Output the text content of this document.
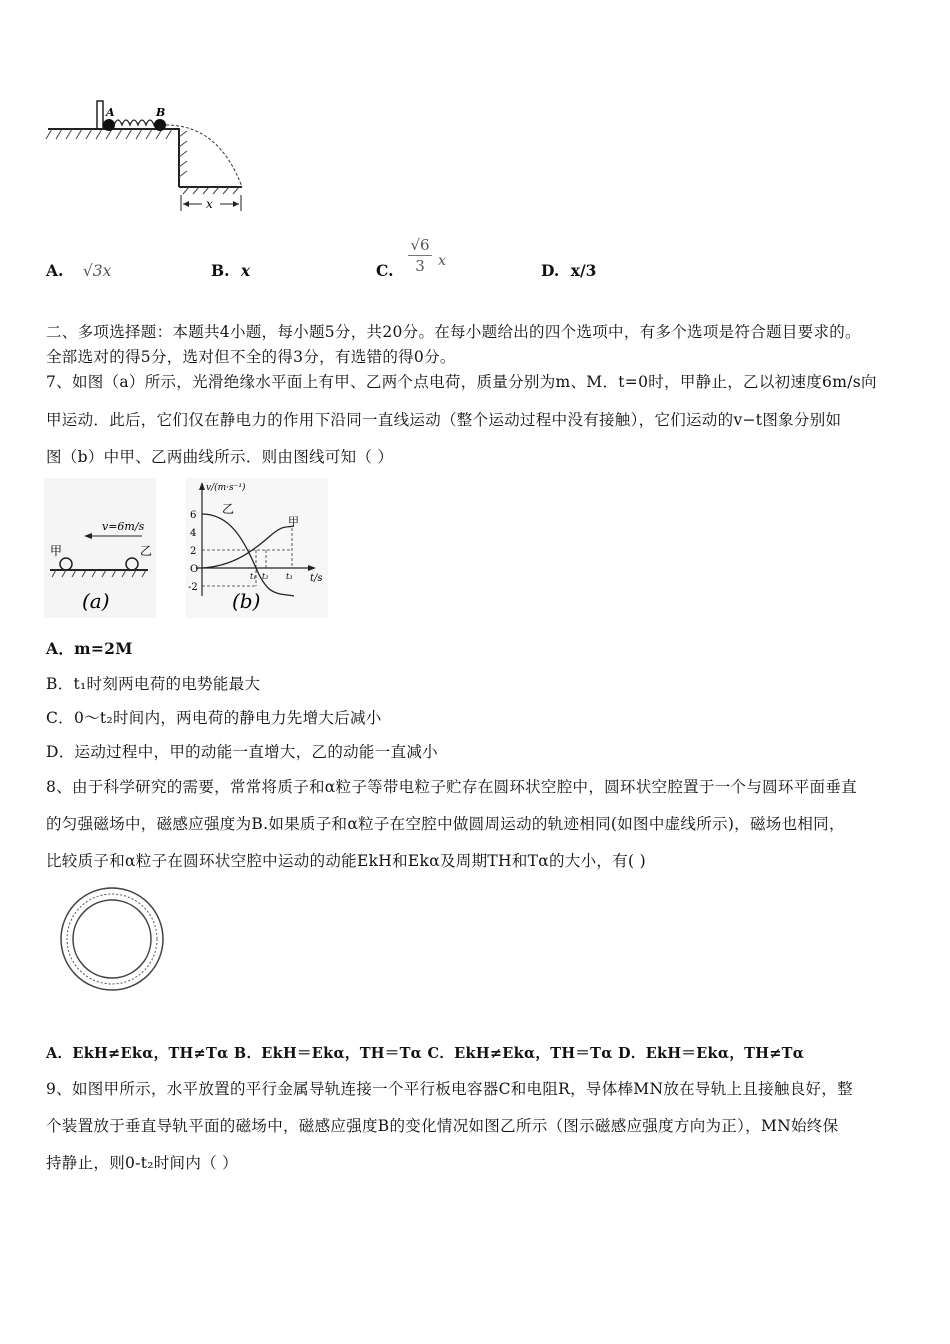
A	B
x
A. √3x	B. x	C.
√6
3 x	D. x/3
二、多项选择题：本题共4小题，每小题5分，共20分。在每小题给出的四个选项中，有多个选项是符合题目要求的。
全部选对的得5分，选对但不全的得3分，有选错的得0分。
7、如图（a）所示，光滑绝缘水平面上有甲、乙两个点电荷，质量分别为m、M．t=0时，甲静止，乙以初速度6m/s向
甲运动．此后，它们仅在静电力的作用下沿同一直线运动（整个运动过程中没有接触），它们运动的v−t图象分别如
图（b）中甲、乙两曲线所示．则由图线可知（ ）
v=6m/s
甲	乙
(a)
v/(m·s⁻¹)
t/s
6
4
2
O
-2
乙
甲
t₁ t₂ t₃
(b)
A．m=2M
B．t₁时刻两电荷的电势能最大
C．0～t₂时间内，两电荷的静电力先增大后减小
D．运动过程中，甲的动能一直增大，乙的动能一直减小
8、由于科学研究的需要，常常将质子和α粒子等带电粒子贮存在圆环状空腔中，圆环状空腔置于一个与圆环平面垂直
的匀强磁场中，磁感应强度为B.如果质子和α粒子在空腔中做圆周运动的轨迹相同(如图中虚线所示)，磁场也相同，
比较质子和α粒子在圆环状空腔中运动的动能EkH和Ekα及周期TH和Tα的大小，有( )
A．EkH≠Ekα，TH≠Tα B．EkH＝Ekα，TH＝Tα C．EkH≠Ekα，TH＝Tα D．EkH＝Ekα，TH≠Tα
9、如图甲所示，水平放置的平行金属导轨连接一个平行板电容器C和电阻R，导体棒MN放在导轨上且接触良好，整
个装置放于垂直导轨平面的磁场中，磁感应强度B的变化情况如图乙所示（图示磁感应强度方向为正），MN始终保
持静止，则0-t₂时间内（ ）
